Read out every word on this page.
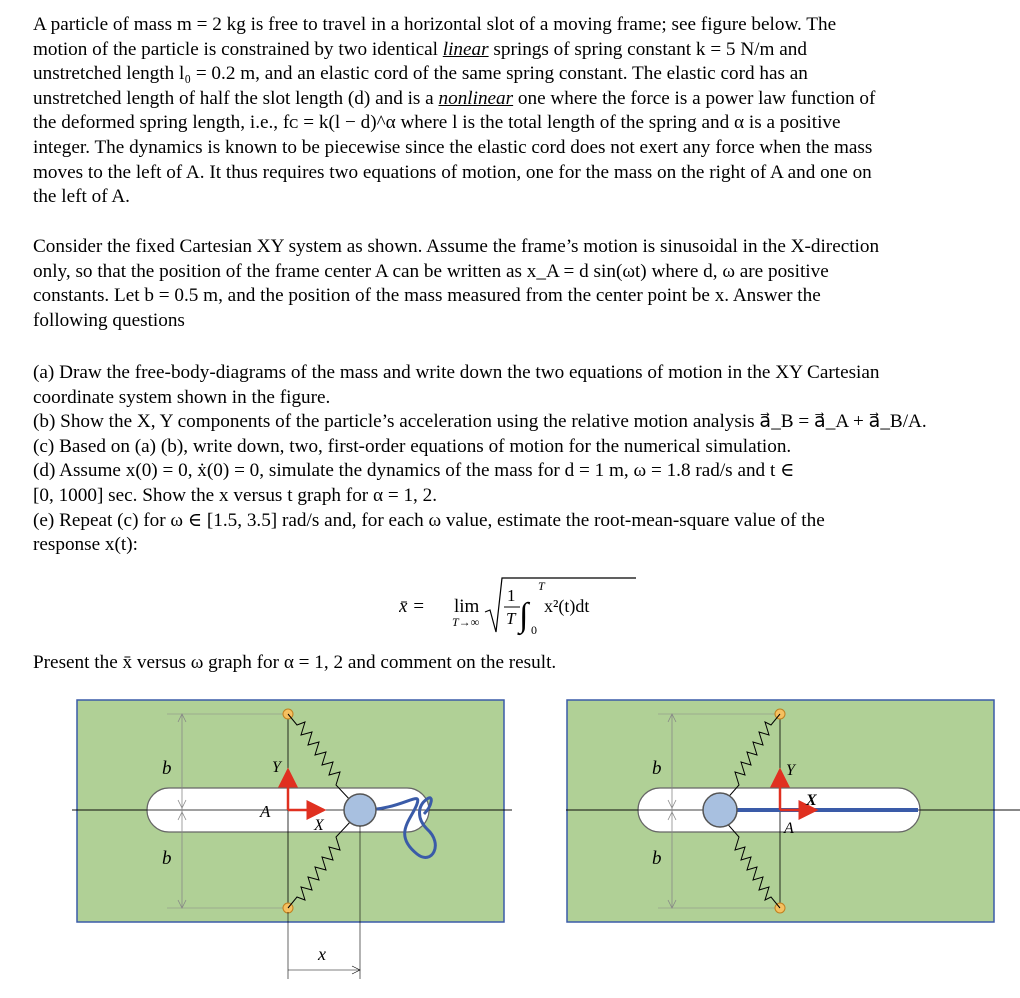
A particle of mass m = 2 kg is free to travel in a horizontal slot of a moving frame; see figure below. The
motion of the particle is constrained by two identical linear springs of spring constant k = 5 N/m and
unstretched length l₀ = 0.2 m, and an elastic cord of the same spring constant. The elastic cord has an
unstretched length of half the slot length (d) and is a nonlinear one where the force is a power law function of
the deformed spring length, i.e., fᴄ = k(l − d)^α where l is the total length of the spring and α is a positive
integer. The dynamics is known to be piecewise since the elastic cord does not exert any force when the mass
moves to the left of A. It thus requires two equations of motion, one for the mass on the right of A and one on
the left of A.

Consider the fixed Cartesian XY system as shown. Assume the frame’s motion is sinusoidal in the X-direction
only, so that the position of the frame center A can be written as x_A = d sin(ωt) where d, ω are positive
constants. Let b = 0.5 m, and the position of the mass measured from the center point be x. Answer the
following questions

(a) Draw the free-body-diagrams of the mass and write down the two equations of motion in the XY Cartesian
coordinate system shown in the figure.
(b) Show the X, Y components of the particle’s acceleration using the relative motion analysis a⃗_B = a⃗_A + a⃗_B/A.
(c) Based on (a) (b), write down, two, first-order equations of motion for the numerical simulation.
(d) Assume x(0) = 0, ẋ(0) = 0, simulate the dynamics of the mass for d = 1 m, ω = 1.8 rad/s and t ∈
[0, 1000] sec. Show the x versus t graph for α = 1, 2.
(e) Repeat (c) for ω ∈ [1.5, 3.5] rad/s and, for each ω value, estimate the root-mean-square value of the
response x(t):

x̄ = lim
T→∞
1
T ∫
T
0
x²(t)dt

Present the x̄ versus ω graph for α = 1, 2 and comment on the result.

b
b
Y
A
X
x
b
b
Y
X
A
